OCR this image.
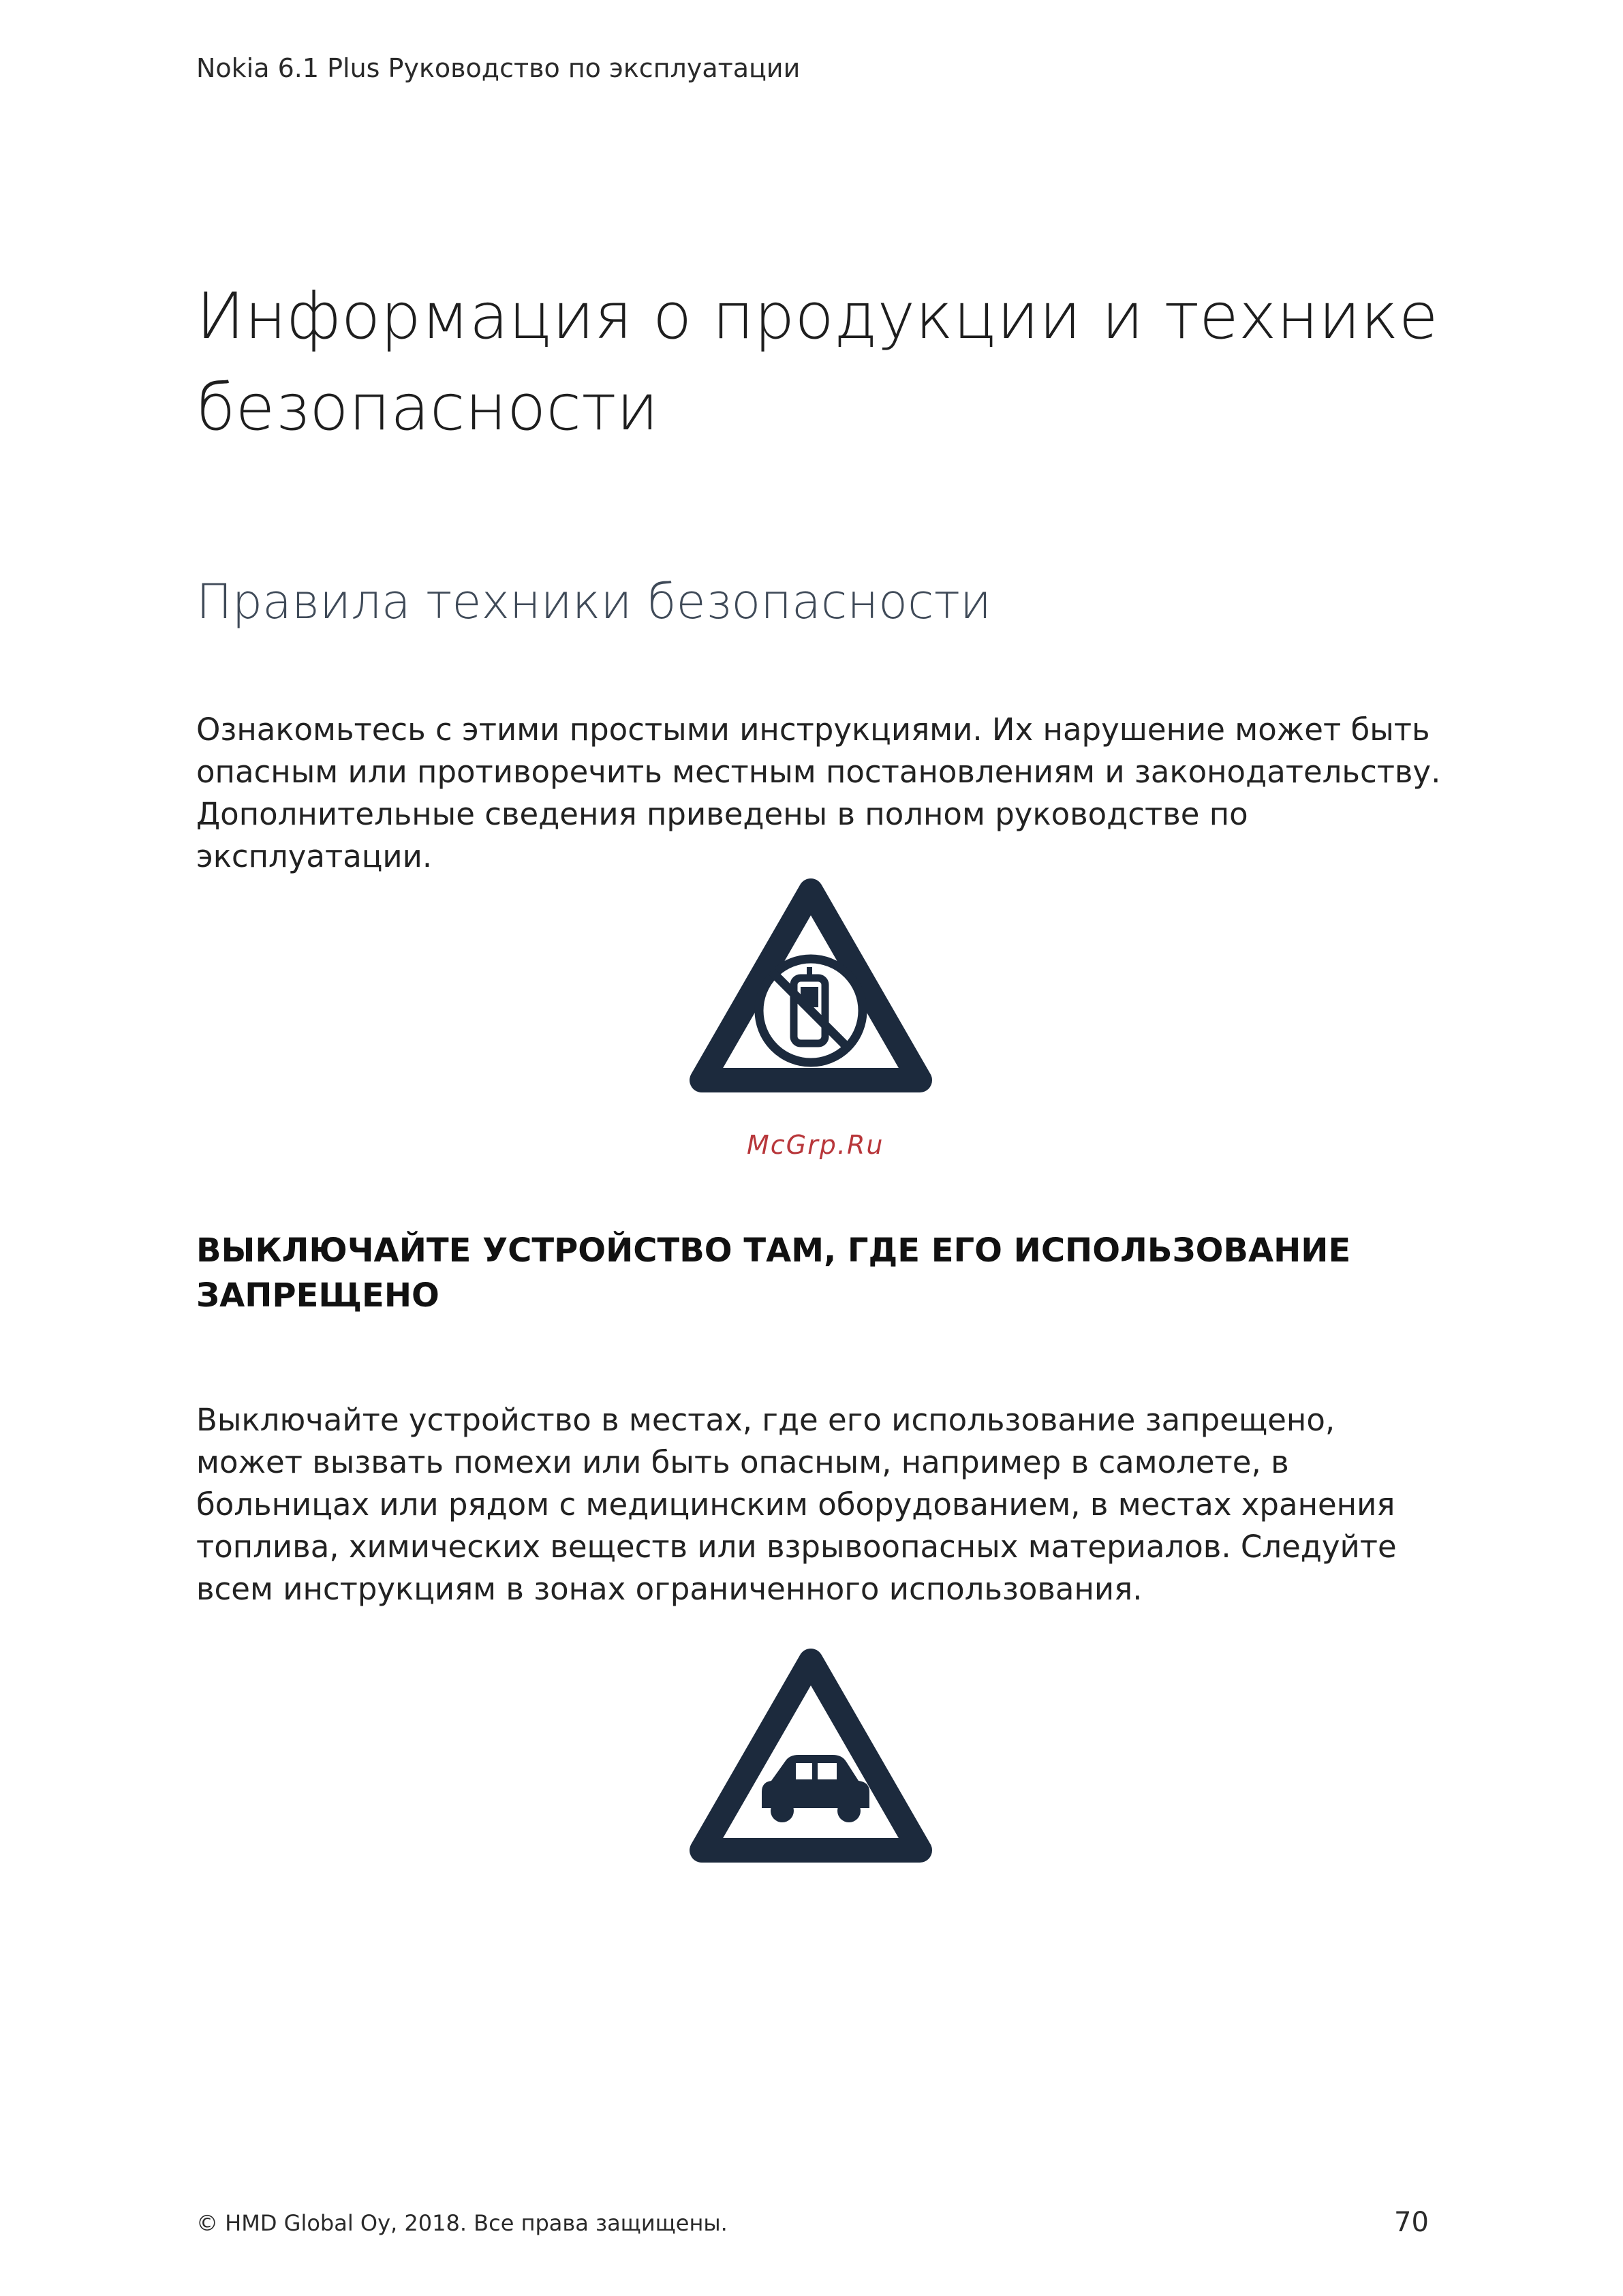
Nokia 6.1 Plus Руководство по эксплуатации
Информация о продукции и технике безопасности
Правила техники безопасности

Ознакомьтесь с этими простыми инструкциями. Их нарушение может быть опасным или противоречить местным постановлениям и законодательству. Дополнительные сведения приведены в полном руководстве по эксплуатации.

McGrp.Ru
ВЫКЛЮЧАЙТЕ УСТРОЙСТВО ТАМ, ГДЕ ЕГО ИСПОЛЬЗОВАНИЕ ЗАПРЕЩЕНО

Выключайте устройство в местах, где его использование запрещено, может вызвать помехи или быть опасным, например в самолете, в больницах или рядом с медицинским оборудованием, в местах хранения топлива, химических веществ или взрывоопасных материалов. Следуйте всем инструкциям в зонах ограниченного использования.

© HMD Global Oy, 2018. Все права защищены.	70
